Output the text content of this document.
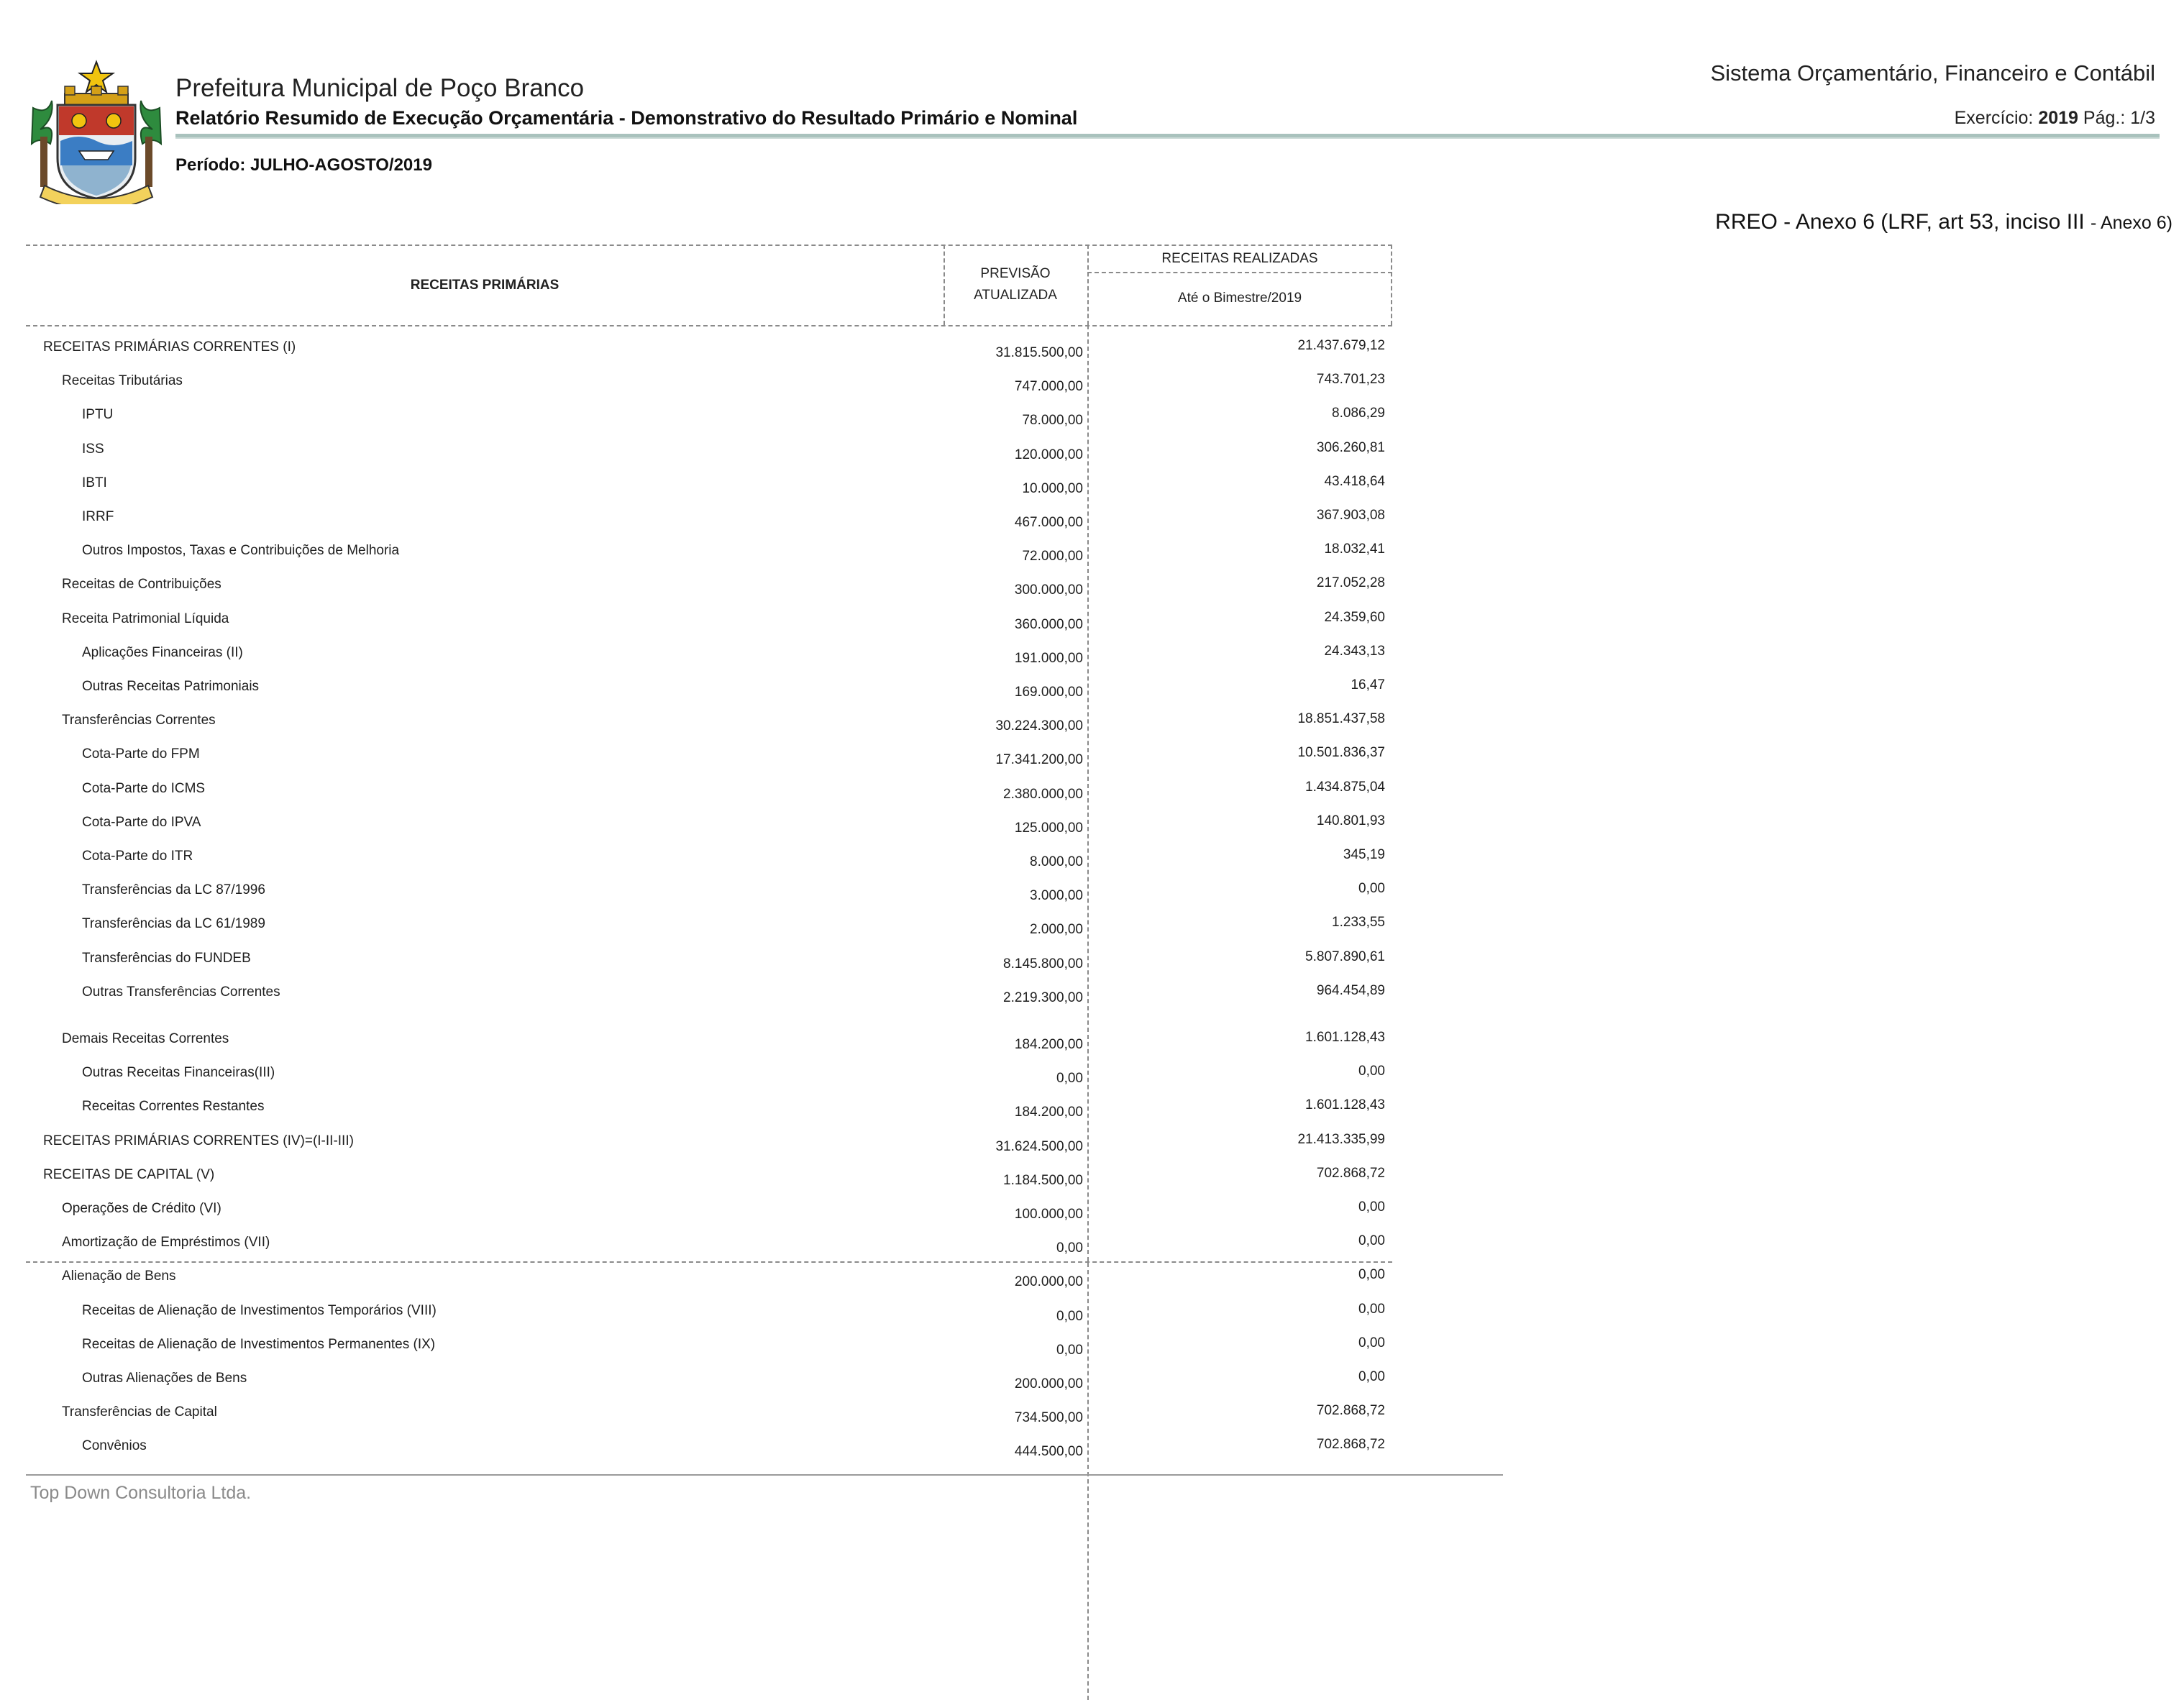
Prefeitura Municipal de Poço Branco
Relatório Resumido de Execução Orçamentária - Demonstrativo do Resultado Primário e Nominal
Sistema Orçamentário, Financeiro e Contábil
Exercício: 2019 Pág.: 1/3
Período: JULHO-AGOSTO/2019
RREO - Anexo 6 (LRF, art 53, inciso III - Anexo 6)
RECEITAS PRIMÁRIAS
PREVISÃO
ATUALIZADA
RECEITAS REALIZADAS
Até o Bimestre/2019
RECEITAS PRIMÁRIAS CORRENTES (I)	31.815.500,00	21.437.679,12
Receitas Tributárias	747.000,00	743.701,23
IPTU	78.000,00	8.086,29
ISS	120.000,00	306.260,81
IBTI	10.000,00	43.418,64
IRRF	467.000,00	367.903,08
Outros Impostos, Taxas e Contribuições de Melhoria	72.000,00	18.032,41
Receitas de Contribuições	300.000,00	217.052,28
Receita Patrimonial Líquida	360.000,00	24.359,60
Aplicações Financeiras (II)	191.000,00	24.343,13
Outras Receitas Patrimoniais	169.000,00	16,47
Transferências Correntes	30.224.300,00	18.851.437,58
Cota-Parte do FPM	17.341.200,00	10.501.836,37
Cota-Parte do ICMS	2.380.000,00	1.434.875,04
Cota-Parte do IPVA	125.000,00	140.801,93
Cota-Parte do ITR	8.000,00	345,19
Transferências da LC 87/1996	3.000,00	0,00
Transferências da LC 61/1989	2.000,00	1.233,55
Transferências do FUNDEB	8.145.800,00	5.807.890,61
Outras Transferências Correntes	2.219.300,00	964.454,89
Demais Receitas Correntes	184.200,00	1.601.128,43
Outras Receitas Financeiras(III)	0,00	0,00
Receitas Correntes Restantes	184.200,00	1.601.128,43
RECEITAS PRIMÁRIAS CORRENTES (IV)=(I-II-III)	31.624.500,00	21.413.335,99
RECEITAS DE CAPITAL (V)	1.184.500,00	702.868,72
Operações de Crédito (VI)	100.000,00	0,00
Amortização de Empréstimos (VII)	0,00	0,00
Alienação de Bens	200.000,00	0,00
Receitas de Alienação de Investimentos Temporários (VIII)	0,00	0,00
Receitas de Alienação de Investimentos Permanentes (IX)	0,00	0,00
Outras Alienações de Bens	200.000,00	0,00
Transferências de Capital	734.500,00	702.868,72
Convênios	444.500,00	702.868,72
Top Down Consultoria Ltda.
